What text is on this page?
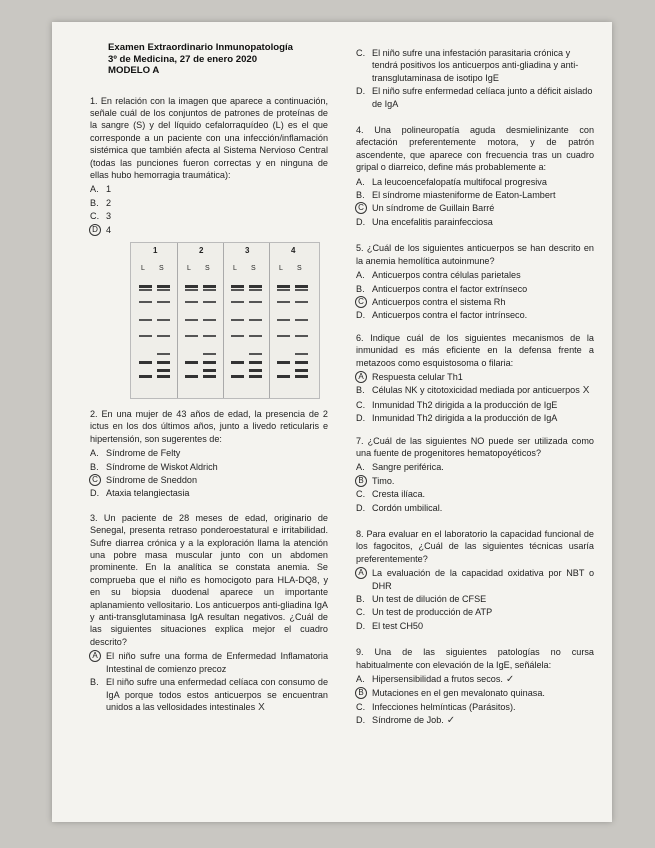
Examen Extraordinario Inmunopatología
3º de Medicina, 27 de enero 2020
MODELO A
1. En relación con la imagen que aparece a continuación, señale cuál de los conjuntos de patrones de proteínas de la sangre (S) y del líquido cefalorraquídeo (L) es el que corresponde a un paciente con una infección/inflamación sistémica que también afecta al Sistema Nervioso Central (todas las punciones fueron correctas y en ninguna de ellas hubo hemorragia traumática):
A. 1
B. 2
C. 3
D 4
1	2	3	4
L S	L S	L S	L S
2. En una mujer de 43 años de edad, la presencia de 2 ictus en los dos últimos años, junto a livedo reticularis e hipertensión, son sugerentes de:
A. Síndrome de Felty
B. Síndrome de Wiskot Aldrich
C Síndrome de Sneddon
D. Ataxia telangiectasia
3. Un paciente de 28 meses de edad, originario de Senegal, presenta retraso ponderoestatural e irritabilidad. Sufre diarrea crónica y a la exploración llama la atención una pobre masa muscular junto con un abdomen prominente. En la analítica se constata anemia. Se comprueba que el niño es homocigoto para HLA-DQ8, y en su biopsia duodenal aparece un importante aplanamiento vellositario. Los anticuerpos anti-gliadina IgA y anti-transglutaminasa IgA resultan negativos. ¿Cuál de las siguientes situaciones explica mejor el cuadro descrito?
A El niño sufre una forma de Enfermedad Inflamatoria Intestinal de comienzo precoz
B. El niño sufre una enfermedad celíaca con consumo de IgA porque todos estos anticuerpos se encuentran unidos a las vellosidades intestinales X
C. El niño sufre una infestación parasitaria crónica y tendrá positivos los anticuerpos anti-gliadina y anti-transglutaminasa de isotipo IgE
D. El niño sufre enfermedad celíaca junto a déficit aislado de IgA
4. Una polineuropatía aguda desmielinizante con afectación preferentemente motora, y de patrón ascendente, que aparece con frecuencia tras un cuadro gripal o diarreico, define más probablemente a:
A. La leucoencefalopatía multifocal progresiva
B. El síndrome miasteniforme de Eaton-Lambert
C Un síndrome de Guillain Barré
D. Una encefalitis parainfecciosa
5. ¿Cuál de los siguientes anticuerpos se han descrito en la anemia hemolítica autoinmune?
A. Anticuerpos contra células parietales
B. Anticuerpos contra el factor extrínseco
C Anticuerpos contra el sistema Rh
D. Anticuerpos contra el factor intrínseco.
6. Indique cuál de los siguientes mecanismos de la inmunidad es más eficiente en la defensa frente a metazoos como esquistosoma o filaria:
A Respuesta celular Th1
B. Células NK y citotoxicidad mediada por anticuerpos X
C. Inmunidad Th2 dirigida a la producción de IgE
D. Inmunidad Th2 dirigida a la producción de IgA
7. ¿Cuál de las siguientes NO puede ser utilizada como una fuente de progenitores hematopoyéticos?
A. Sangre periférica.
B Timo.
C. Cresta ilíaca.
D. Cordón umbilical.
8. Para evaluar en el laboratorio la capacidad funcional de los fagocitos, ¿Cuál de las siguientes técnicas usaría preferentemente?
A La evaluación de la capacidad oxidativa por NBT o DHR
B. Un test de dilución de CFSE
C. Un test de producción de ATP
D. El test CH50
9. Una de las siguientes patologías no cursa habitualmente con elevación de la IgE, señálela:
A. Hipersensibilidad a frutos secos. ✓
B Mutaciones en el gen mevalonato quinasa.
C. Infecciones helmínticas (Parásitos).
D. Síndrome de Job. ✓
